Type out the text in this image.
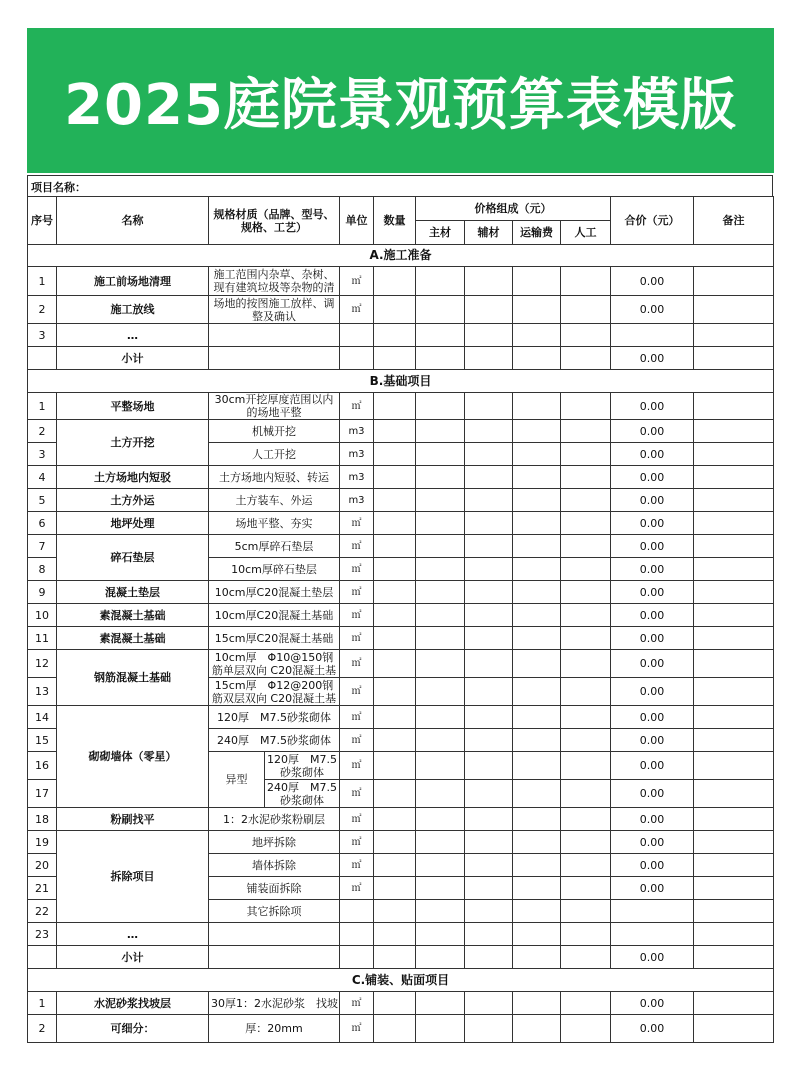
2025庭院景观预算表模版
项目名称：
序号	名称	规格材质（品牌、型号、规格、工艺）		单位	数量	价格组成（元）				合价（元）	备注
						主材	辅材	运输费	人工		
A.施工准备											
1	施工前场地清理	施工范围内杂草、杂树、现有建筑垃圾等杂物的清		㎡						0.00	
2	施工放线	场地的按图施工放样、调整及确认		㎡						0.00	
3	…										
	小计									0.00	
B.基础项目											
1	平整场地	30cm开挖厚度范围以内的场地平整		㎡						0.00	
2	土方开挖	机械开挖		m3						0.00	
3		人工开挖		m3						0.00	
4	土方场地内短驳	土方场地内短驳、转运		m3						0.00	
5	土方外运	土方装车、外运		m3						0.00	
6	地坪处理	场地平整、夯实		㎡						0.00	
7	碎石垫层	5cm厚碎石垫层		㎡						0.00	
8		10cm厚碎石垫层		㎡						0.00	
9	混凝土垫层	10cm厚C20混凝土垫层		㎡						0.00	
10	素混凝土基础	10cm厚C20混凝土基础		㎡						0.00	
11	素混凝土基础	15cm厚C20混凝土基础		㎡						0.00	
12	钢筋混凝土基础	10cm厚　Φ10@150钢筋单层双向 C20混凝土基		㎡						0.00	
13		15cm厚　Φ12@200钢筋双层双向 C20混凝土基		㎡						0.00	
14	砌砌墙体（零星）	120厚　M7.5砂浆砌体		㎡						0.00	
15		240厚　M7.5砂浆砌体		㎡						0.00	
16		异型	120厚　M7.5砂浆砌体	㎡						0.00	
17			240厚　M7.5砂浆砌体	㎡						0.00	
18	粉刷找平	1：2水泥砂浆粉刷层		㎡						0.00	
19	拆除项目	地坪拆除		㎡						0.00	
20		墙体拆除		㎡						0.00	
21		铺装面拆除		㎡						0.00	
22		其它拆除项									
23	…										
	小计									0.00	
C.铺装、贴面项目											
1	水泥砂浆找坡层	30厚1：2水泥砂浆　找坡		㎡						0.00	
2	可细分：	厚：20mm		㎡						0.00	
